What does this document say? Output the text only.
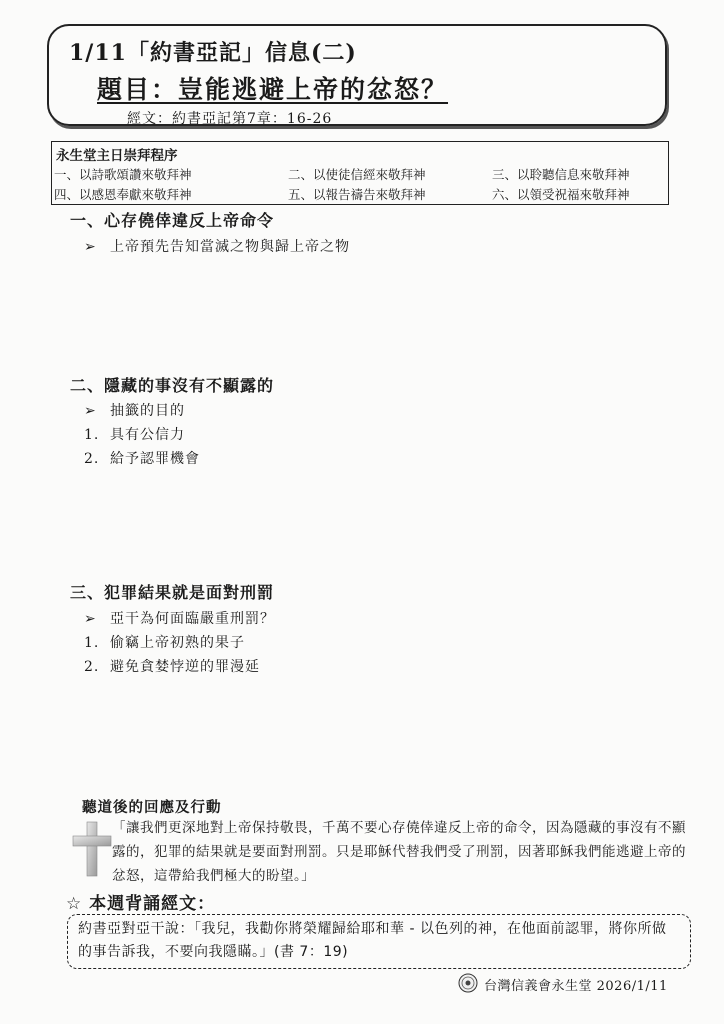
1/11「約書亞記」信息(二)
題目：豈能逃避上帝的忿怒？
經文：約書亞記第7章：16-26
永生堂主日崇拜程序
一、以詩歌頌讚來敬拜神	二、以使徒信經來敬拜神	三、以聆聽信息來敬拜神
四、以感恩奉獻來敬拜神	五、以報告禱告來敬拜神	六、以領受祝福來敬拜神
一、心存僥倖違反上帝命令
➢ 上帝預先告知當滅之物與歸上帝之物
二、隱藏的事沒有不顯露的
➢ 抽籤的目的
1. 具有公信力
2. 給予認罪機會
三、犯罪結果就是面對刑罰
➢ 亞干為何面臨嚴重刑罰？
1. 偷竊上帝初熟的果子
2. 避免貪婪悖逆的罪漫延
聽道後的回應及行動
「讓我們更深地對上帝保持敬畏，千萬不要心存僥倖違反上帝的命令，因為隱藏的事沒有不顯露的，犯罪的結果就是要面對刑罰。只是耶穌代替我們受了刑罰，因著耶穌我們能逃避上帝的忿怒，這帶給我們極大的盼望。」
☆ 本週背誦經文：
約書亞對亞干說：「我兒，我勸你將榮耀歸給耶和華 - 以色列的神，在他面前認罪，將你所做的事告訴我，不要向我隱瞞。」(書 7：19)
台灣信義會永生堂 2026/1/11
